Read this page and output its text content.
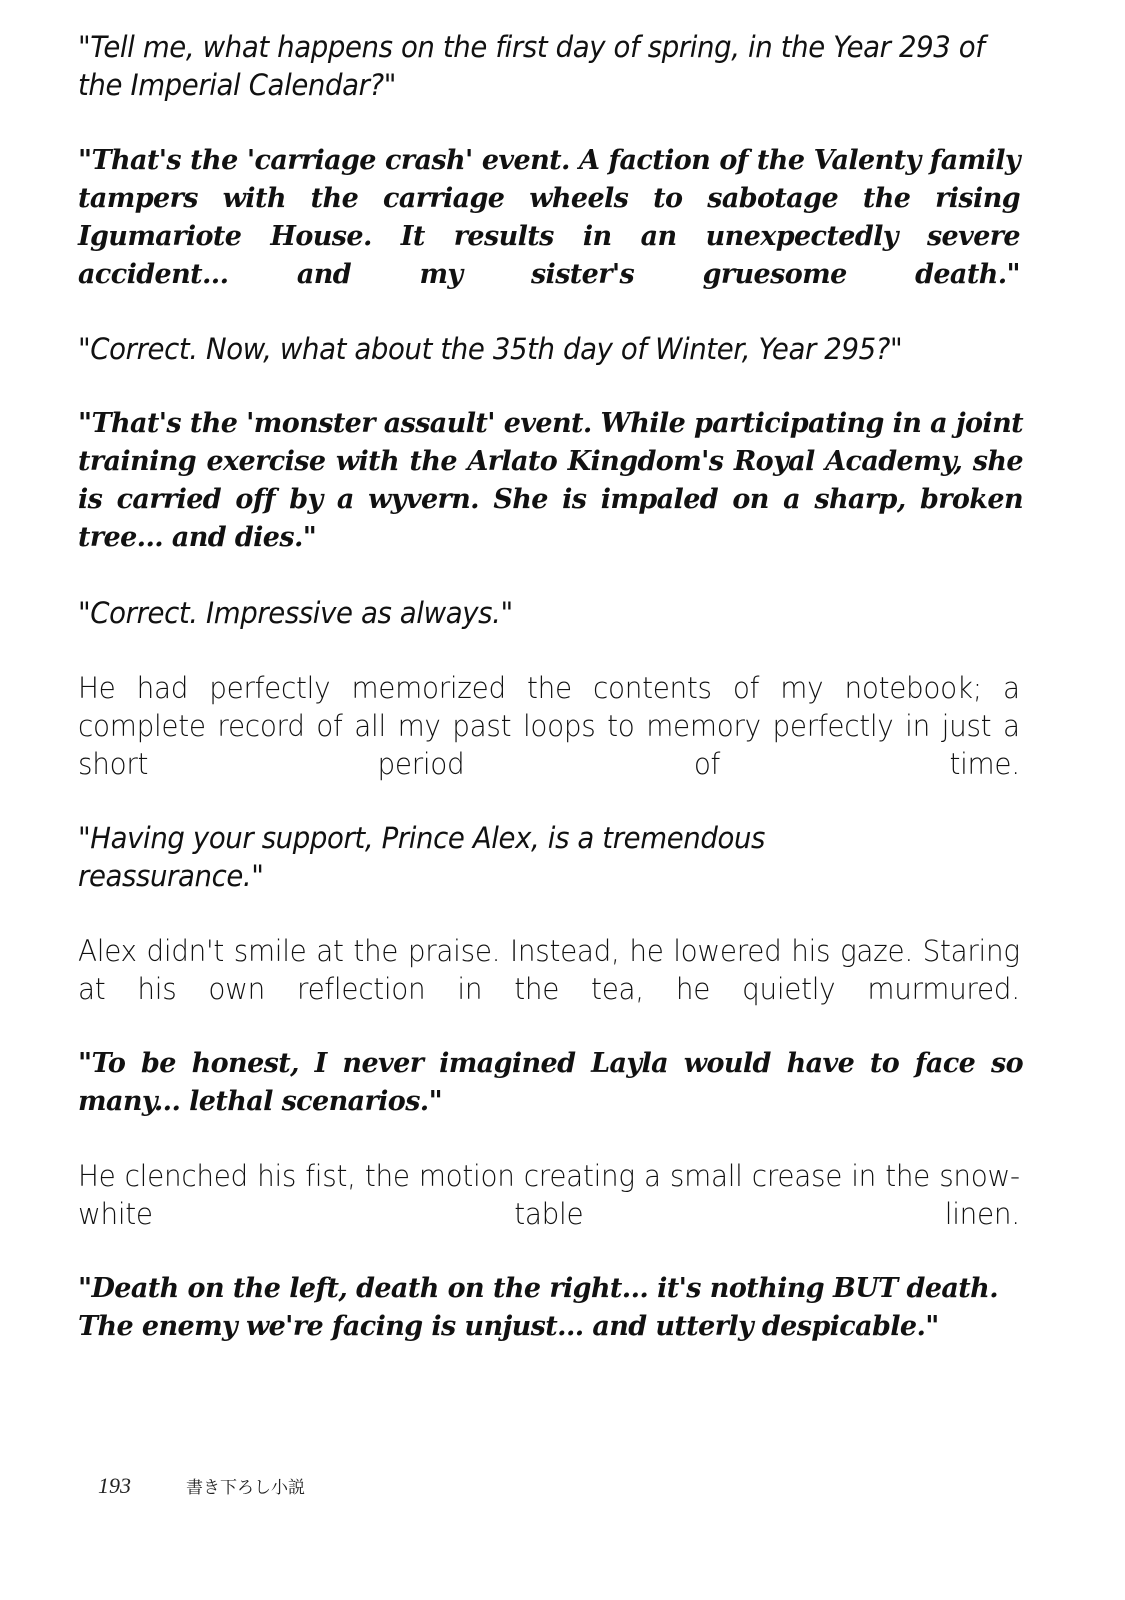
"Tell me, what happens on the first day of spring, in the Year 293 of the Imperial Calendar?"

"That's the 'carriage crash' event. A faction of the Valenty family tampers with the carriage wheels to sabotage the rising Igumariote House. It results in an unexpectedly severe accident... and my sister's gruesome death."

"Correct. Now, what about the 35th day of Winter, Year 295?"

"That's the 'monster assault' event. While participating in a joint training exercise with the Arlato Kingdom's Royal Academy, she is carried off by a wyvern. She is impaled on a sharp, broken tree... and dies."

"Correct. Impressive as always."

He had perfectly memorized the contents of my notebook; a complete record of all my past loops to memory perfectly in just a short period of time.

"Having your support, Prince Alex, is a tremendous reassurance."

Alex didn't smile at the praise. Instead, he lowered his gaze. Staring at his own reflection in the tea, he quietly murmured.

"To be honest, I never imagined Layla would have to face so many... lethal scenarios."

He clenched his fist, the motion creating a small crease in the snow-white table linen.

"Death on the left, death on the right... it's nothing BUT death. The enemy we're facing is unjust... and utterly despicable."

193	書き下ろし小説
